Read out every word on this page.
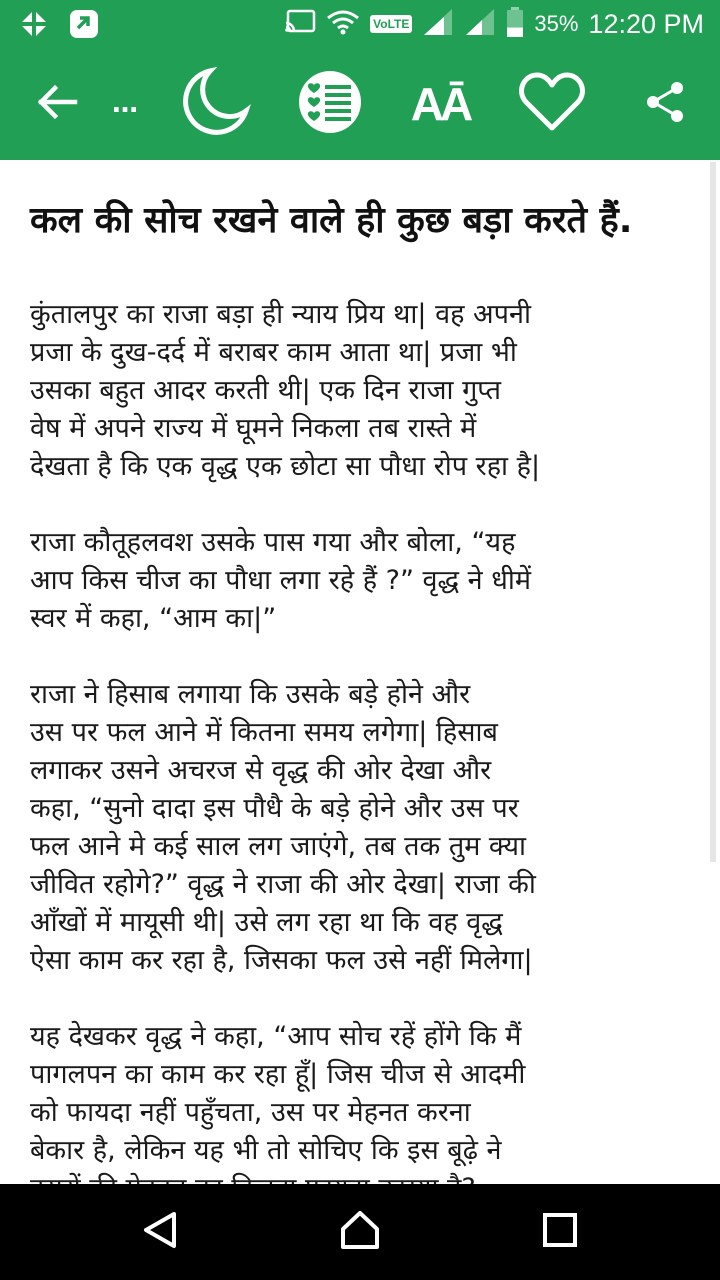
VoLTE	35% 12:20 PM
…	AĀ
कल की सोच रखने वाले ही कुछ बड़ा करते हैं.

कुंतालपुर का राजा बड़ा ही न्याय प्रिय था| वह अपनी
प्रजा के दुख-दर्द में बराबर काम आता था| प्रजा भी
उसका बहुत आदर करती थी| एक दिन राजा गुप्त
वेष में अपने राज्य में घूमने निकला तब रास्ते में
देखता है कि एक वृद्ध एक छोटा सा पौधा रोप रहा है|

राजा कौतूहलवश उसके पास गया और बोला, “यह
आप किस चीज का पौधा लगा रहे हैं ?” वृद्ध ने धीमें
स्वर में कहा, “आम का|”

राजा ने हिसाब लगाया कि उसके बड़े होने और
उस पर फल आने में कितना समय लगेगा| हिसाब
लगाकर उसने अचरज से वृद्ध की ओर देखा और
कहा, “सुनो दादा इस पौधै के बड़े होने और उस पर
फल आने मे कई साल लग जाएंगे, तब तक तुम क्या
जीवित रहोगे?” वृद्ध ने राजा की ओर देखा| राजा की
आँखों में मायूसी थी| उसे लग रहा था कि वह वृद्ध
ऐसा काम कर रहा है, जिसका फल उसे नहीं मिलेगा|

यह देखकर वृद्ध ने कहा, “आप सोच रहें होंगे कि मैं
पागलपन का काम कर रहा हूँ| जिस चीज से आदमी
को फायदा नहीं पहुँचता, उस पर मेहनत करना
बेकार है, लेकिन यह भी तो सोचिए कि इस बूढ़े ने
